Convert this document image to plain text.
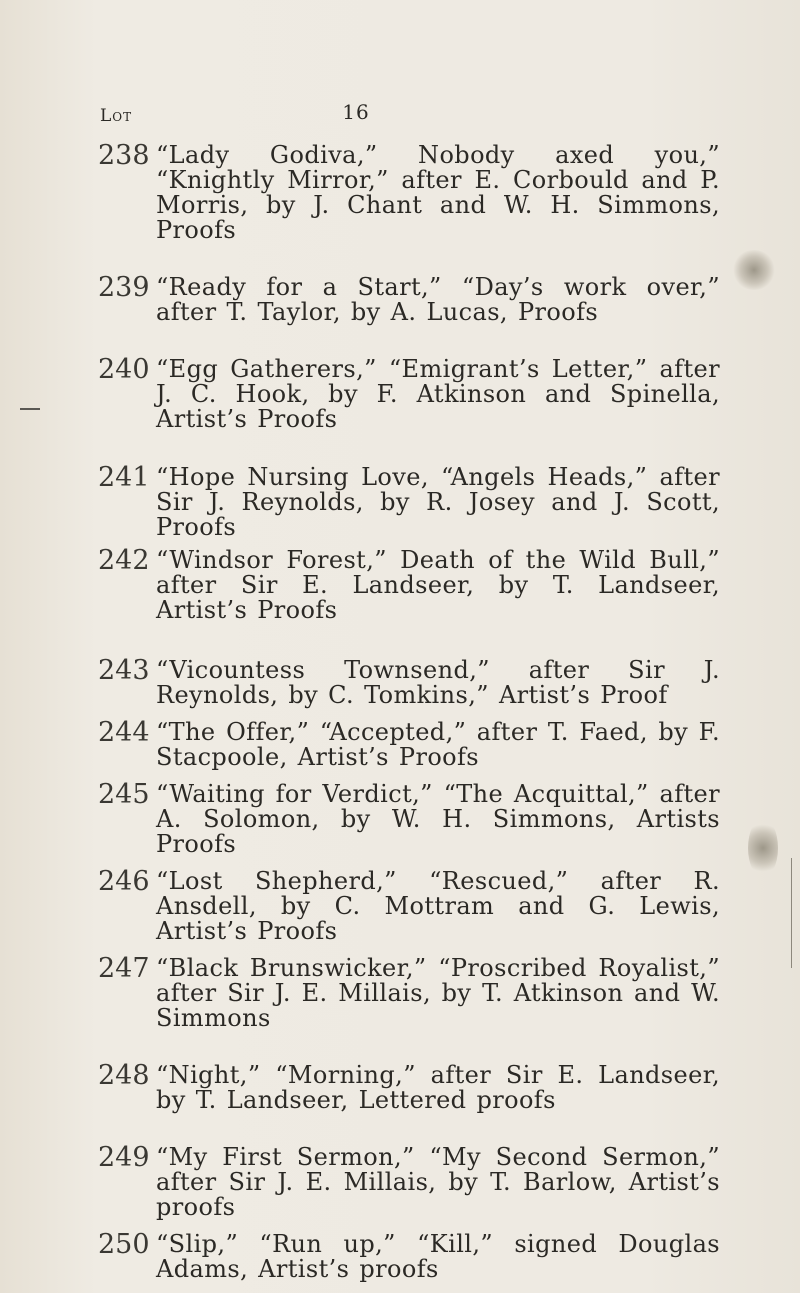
16
Lot
238 “Lady Godiva,” Nobody axed you,” “Knightly Mirror,” after E. Corbould and P. Morris, by J. Chant and W. H. Simmons, Proofs
239 “Ready for a Start,” “Day’s work over,” after T. Taylor, by A. Lucas, Proofs
240 “Egg Gatherers,” “Emigrant’s Letter,” after J. C. Hook, by F. Atkinson and Spinella, Artist’s Proofs
241 “Hope Nursing Love, “Angels Heads,” after Sir J. Reynolds, by R. Josey and J. Scott, Proofs
242 “Windsor Forest,” Death of the Wild Bull,” after Sir E. Landseer, by T. Landseer, Artist’s Proofs
243 “Vicountess Townsend,” after Sir J. Reynolds, by C. Tomkins,” Artist’s Proof
244 “The Offer,” “Accepted,” after T. Faed, by F. Stacpoole, Artist’s Proofs
245 “Waiting for Verdict,” “The Acquittal,” after A. Solomon, by W. H. Simmons, Artists Proofs
246 “Lost Shepherd,” “Rescued,” after R. Ansdell, by C. Mottram and G. Lewis, Artist’s Proofs
247 “Black Brunswicker,” “Proscribed Royalist,” after Sir J. E. Millais, by T. Atkinson and W. Simmons
248 “Night,” “Morning,” after Sir E. Landseer, by T. Landseer, Lettered proofs
249 “My First Sermon,” “My Second Sermon,” after Sir J. E. Millais, by T. Barlow, Artist’s proofs
250 “Slip,” “Run up,” “Kill,” signed Douglas Adams, Artist’s proofs
